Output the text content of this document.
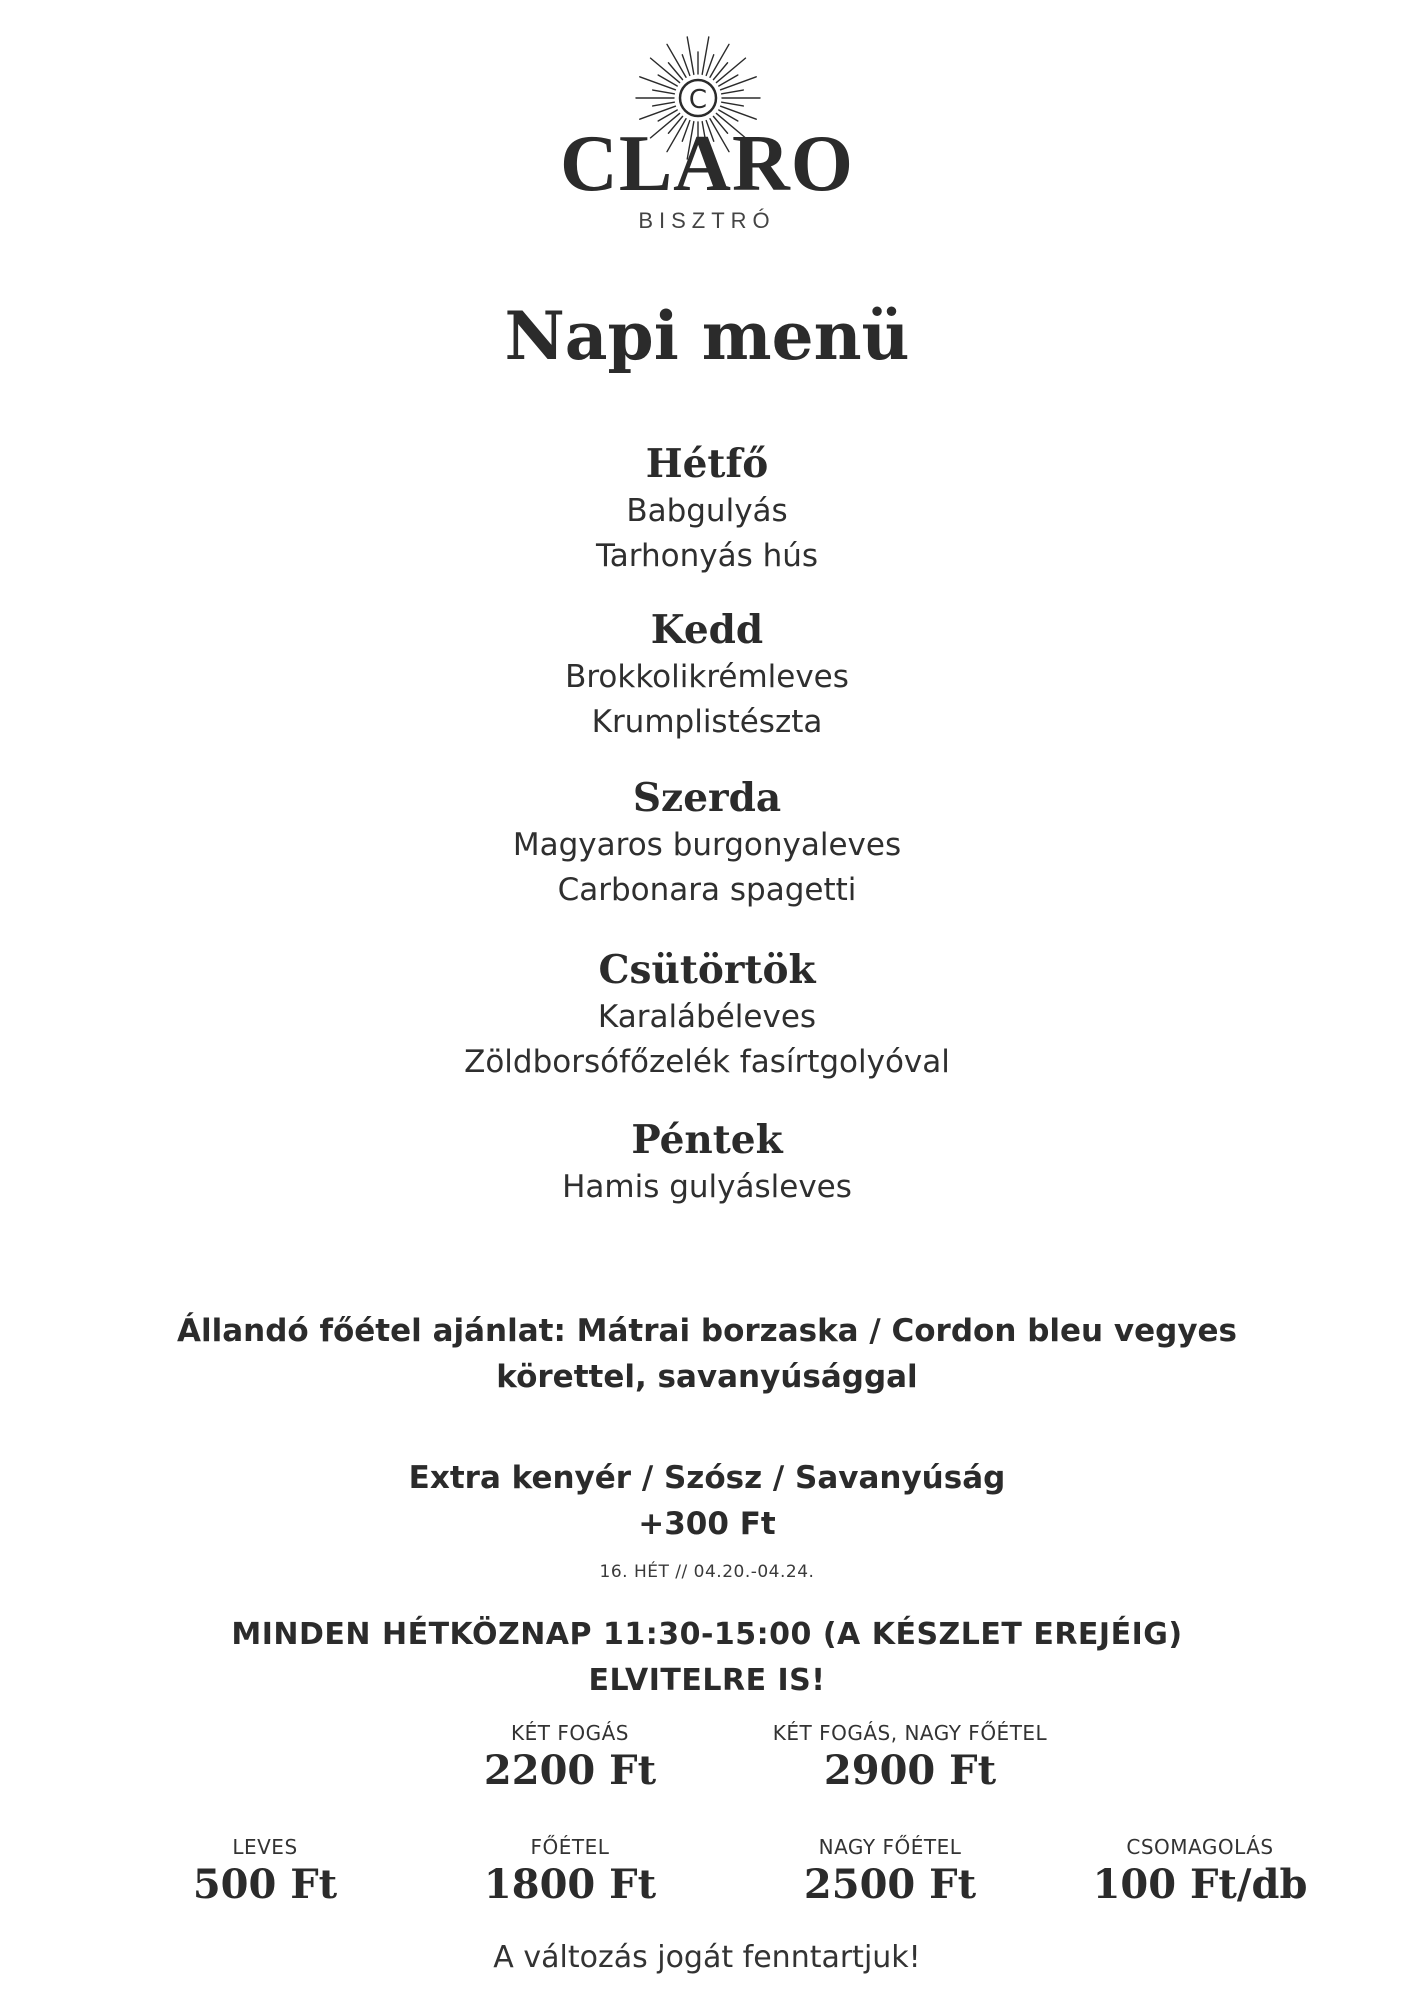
C
CLARO
BISZTRÓ
Napi menü
Hétfő
Babgulyás
Tarhonyás hús
Kedd
Brokkolikrémleves
Krumplistészta
Szerda
Magyaros burgonyaleves
Carbonara spagetti
Csütörtök
Karalábéleves
Zöldborsófőzelék fasírtgolyóval
Péntek
Hamis gulyásleves
Állandó főétel ajánlat: Mátrai borzaska / Cordon bleu vegyes körettel, savanyúsággal
Extra kenyér / Szósz / Savanyúság
+300 Ft
16. HÉT // 04.20.-04.24.
MINDEN HÉTKÖZNAP 11:30-15:00 (A KÉSZLET EREJÉIG)
ELVITELRE IS!
KÉT FOGÁS
2200 Ft
KÉT FOGÁS, NAGY FŐÉTEL
2900 Ft
LEVES
500 Ft
FŐÉTEL
1800 Ft
NAGY FŐÉTEL
2500 Ft
CSOMAGOLÁS
100 Ft/db
A változás jogát fenntartjuk!
